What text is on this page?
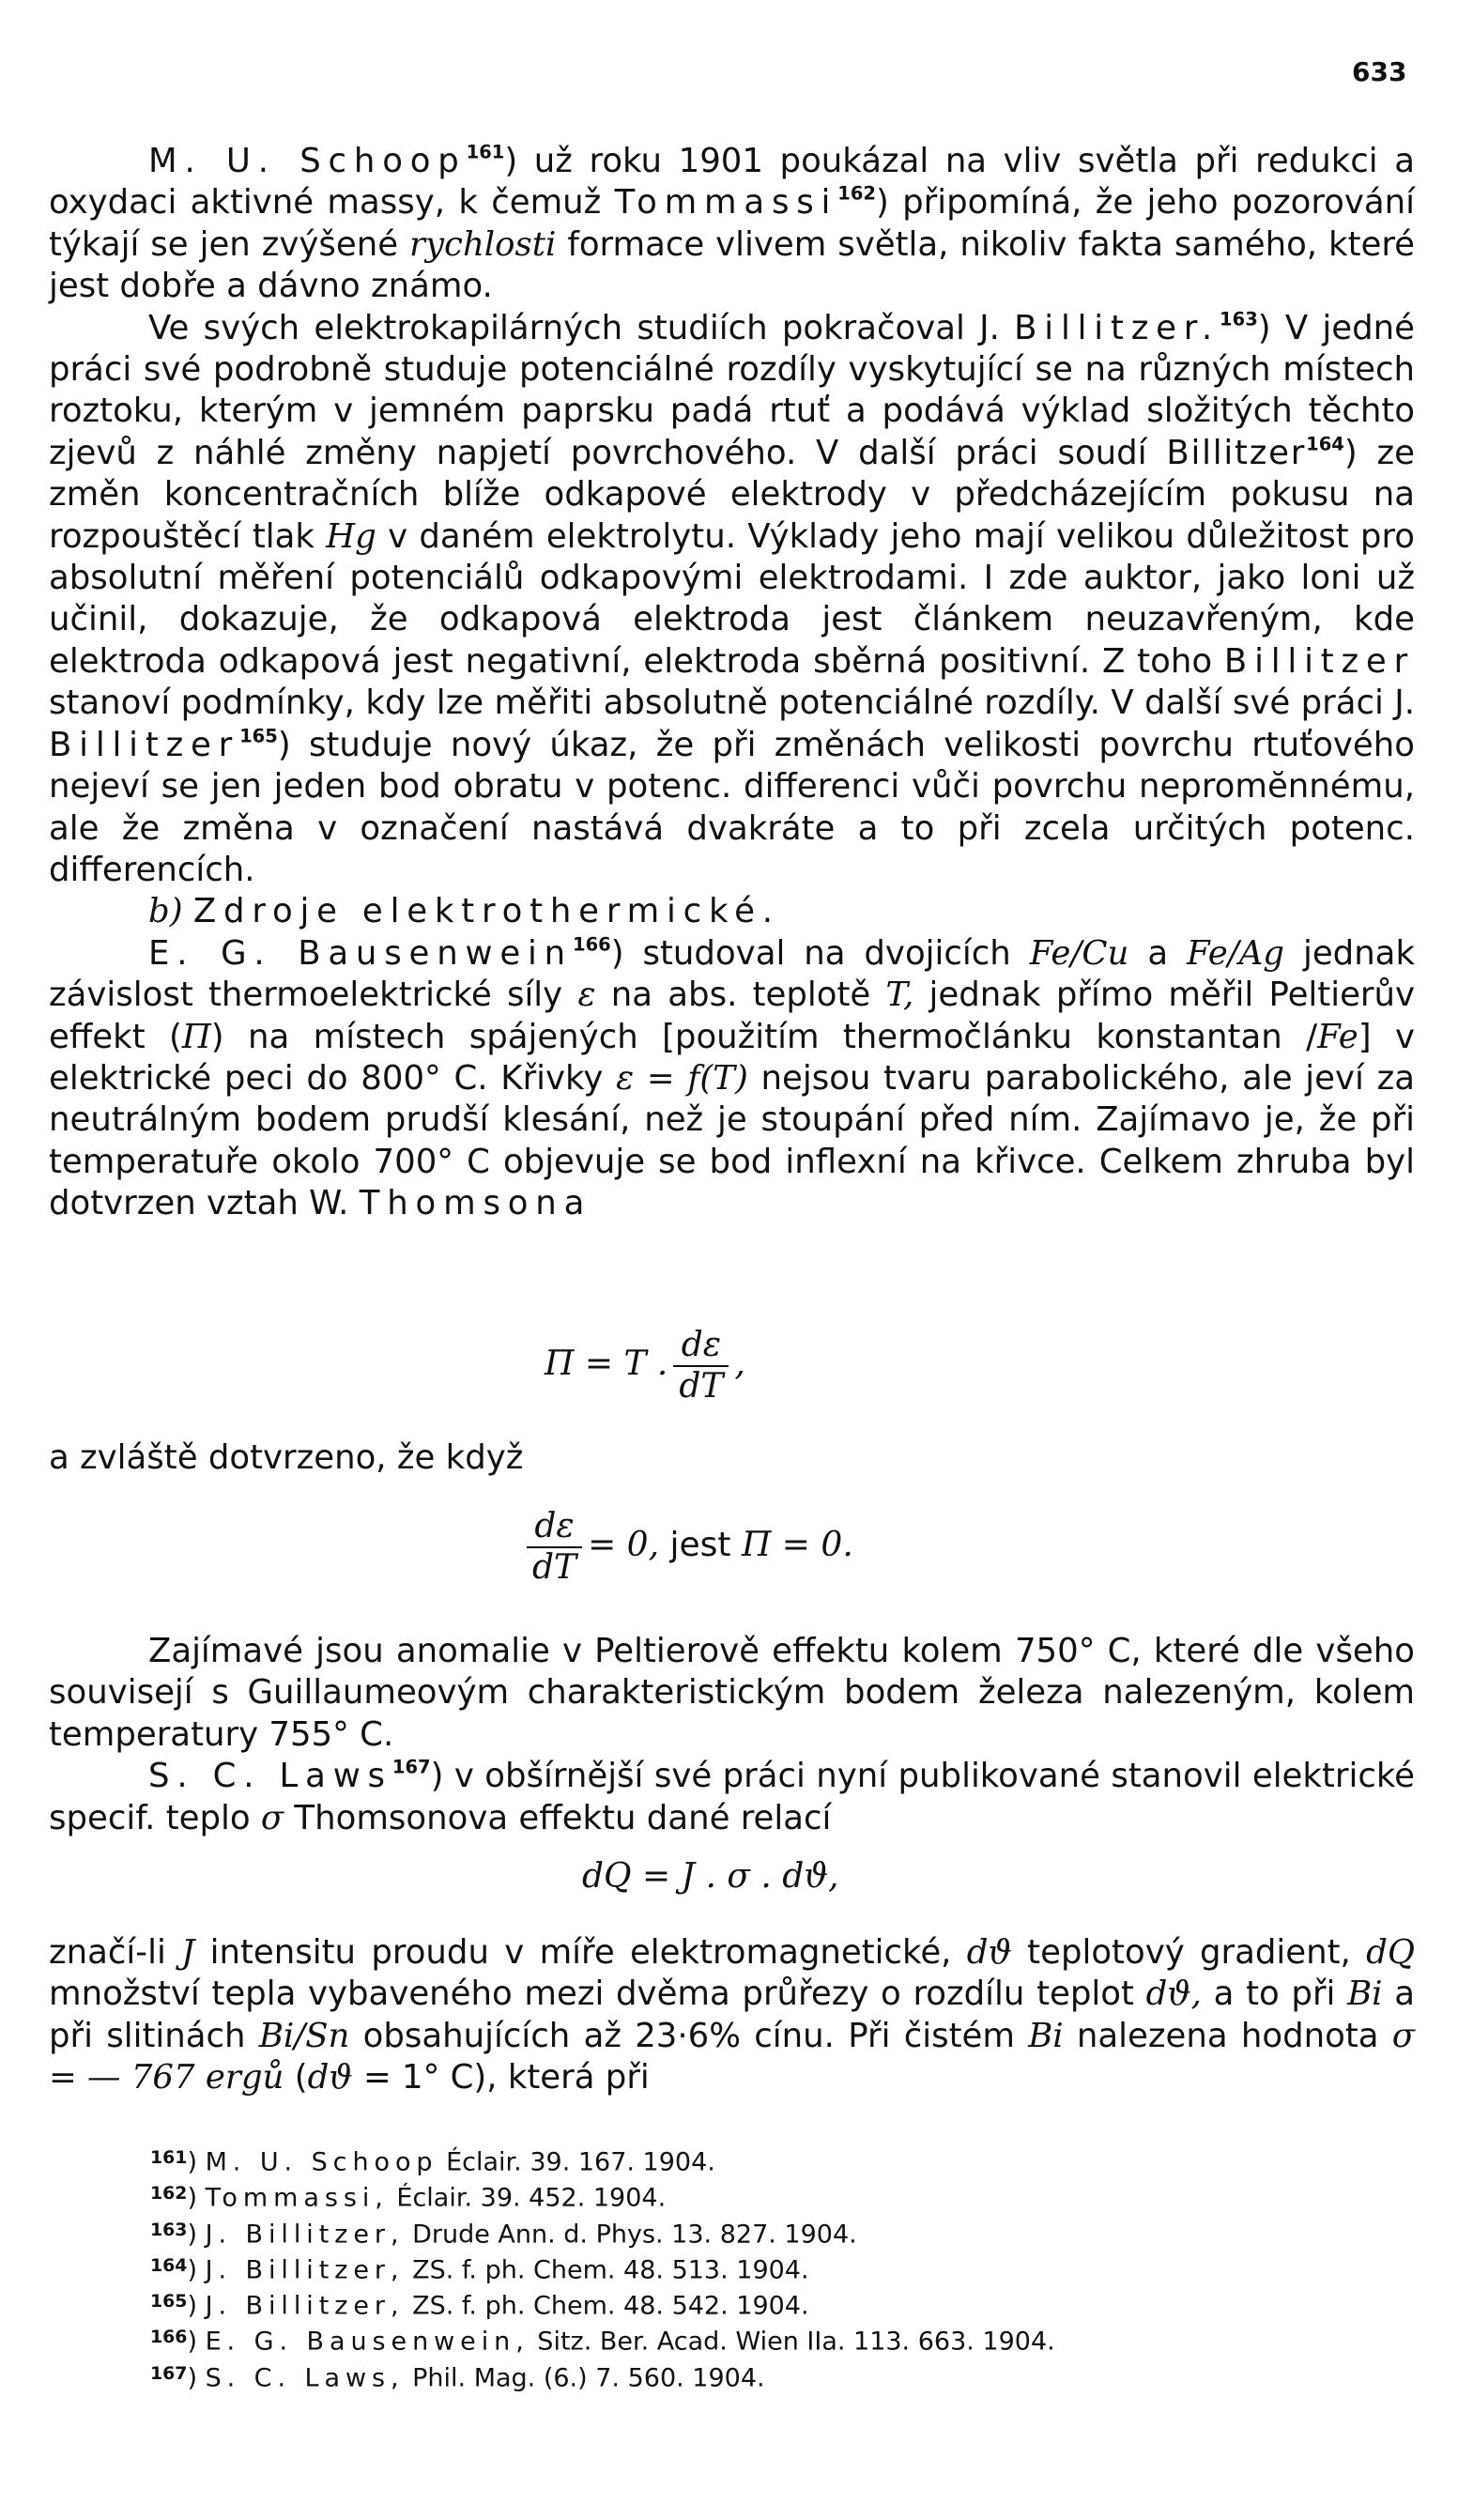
633

M. U. Schoop$^{161}$) už roku 1901 poukázal na vliv světla při redukci a oxydaci aktivné massy, k čemuž Tommassi$^{162}$) připomíná, že jeho pozorování týkají se jen zvýšené rychlosti formace vlivem světla, nikoliv fakta samého, které jest dobře a dávno známo.

Ve svých elektrokapilárných studiích pokračoval J. Billitzer.$^{163}$) V jedné práci své podrobně studuje potenciálné rozdíly vyskytující se na různých místech roztoku, kterým v jemném paprsku padá rtuť a podává výklad složitých těchto zjevů z náhlé změny napjetí povrchového. V další práci soudí Billitzer$^{164}$) ze změn koncentračních blíže odkapové elektrody v předcházejícím pokusu na rozpouštěcí tlak Hg v daném elektrolytu. Výklady jeho mají velikou důležitost pro absolutní měření potenciálů odkapovými elektrodami. I zde auktor, jako loni už učinil, dokazuje, že odkapová elektroda jest článkem neuzavřeným, kde elektroda odkapová jest negativní, elektroda sběrná positivní. Z toho Billitzer stanoví podmínky, kdy lze měřiti absolutně potenciálné rozdíly. V další své práci J. Billitzer$^{165}$) studuje nový úkaz, že při změnách velikosti povrchu rtuťového nejeví se jen jeden bod obratu v potenc. differenci vůči povrchu nepromĕnnému, ale že změna v označení nastává dvakráte a to při zcela určitých potenc. differencích.

b) Zdroje elektrothermické.

E. G. Bausenwein$^{166}$) studoval na dvojicích Fe/Cu a Fe/Ag jednak závislost thermoelektrické síly ε na abs. teplotě T, jednak přímo měřil Peltierův effekt (Π) na místech spájených [použitím thermočlánku konstantan /Fe] v elektrické peci do 800° C. Křivky ε = f(T) nejsou tvaru parabolického, ale jeví za neutrálným bodem prudší klesání, než je stoupání před ním. Zajímavo je, že při temperatuře okolo 700° C objevuje se bod inflexní na křivce. Celkem zhruba byl dotvrzen vztah W. Thomsona

Π = T . $\frac{d\varepsilon}{dT}$ ,
a zvláště dotvrzeno, že když
$\frac{d\varepsilon}{dT} = 0$, jest Π = 0.

Zajímavé jsou anomalie v Peltierově effektu kolem 750° C, které dle všeho souvisejí s Guillaumeovým charakteristickým bodem železa nalezeným, kolem temperatury 755° C.

S. C. Laws$^{167}$) v obšírnější své práci nyní publikované stanovil elektrické specif. teplo σ Thomsonova effektu dané relací

dQ = J . σ . dϑ,

značí-li J intensitu proudu v míře elektromagnetické, dϑ teplotový gradient, dQ množství tepla vybaveného mezi dvěma průřezy o rozdílu teplot dϑ, a to při Bi a při slitinách Bi/Sn obsahujících až 23·6% cínu. Při čistém Bi nalezena hodnota σ = — 767 ergů (dϑ = 1° C), která při

$^{161}$) M. U. Schoop Éclair. 39. 167. 1904.
$^{162}$) Tommassi, Éclair. 39. 452. 1904.
$^{163}$) J. Billitzer, Drude Ann. d. Phys. 13. 827. 1904.
$^{164}$) J. Billitzer, ZS. f. ph. Chem. 48. 513. 1904.
$^{165}$) J. Billitzer, ZS. f. ph. Chem. 48. 542. 1904.
$^{166}$) E. G. Bausenwein, Sitz. Ber. Acad. Wien IIa. 113. 663. 1904.
$^{167}$) S. C. Laws, Phil. Mag. (6.) 7. 560. 1904.
